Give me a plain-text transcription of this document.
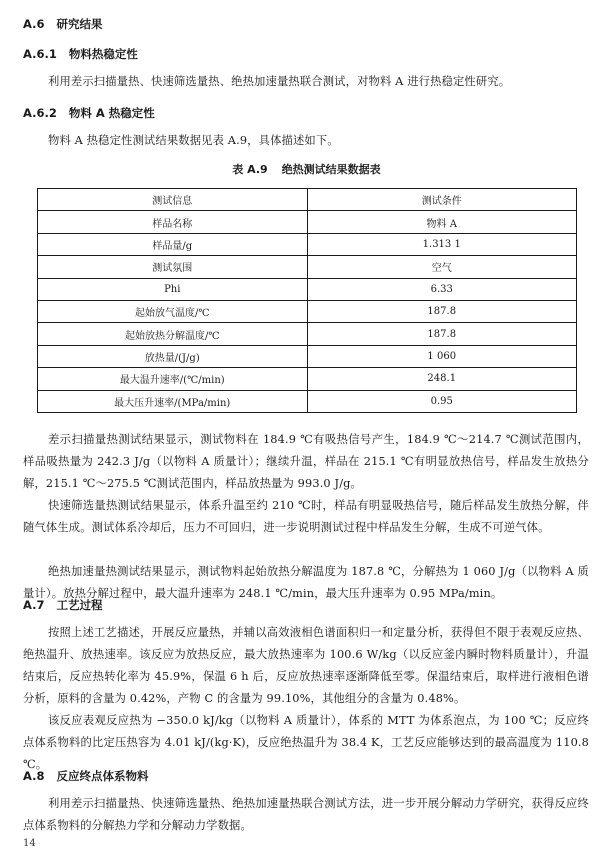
A.6 研究结果
A.6.1 物料热稳定性
利用差示扫描量热、快速筛选量热、绝热加速量热联合测试，对物料 A 进行热稳定性研究。
A.6.2 物料 A 热稳定性
物料 A 热稳定性测试结果数据见表 A.9，具体描述如下。
表 A.9 绝热测试结果数据表
测试信息	测试条件
样品名称	物料 A
样品量/g	1.313 1
测试氛围	空气
Phi	6.33
起始放气温度/℃	187.8
起始放热分解温度/℃	187.8
放热量/(J/g)	1 060
最大温升速率/(℃/min)	248.1
最大压升速率/(MPa/min)	0.95
差示扫描量热测试结果显示，测试物料在 184.9 ℃有吸热信号产生，184.9 ℃～214.7 ℃测试范围内，样品吸热量为 242.3 J/g（以物料 A 质量计）；继续升温，样品在 215.1 ℃有明显放热信号，样品发生放热分解，215.1 ℃～275.5 ℃测试范围内，样品放热量为 993.0 J/g。
快速筛选量热测试结果显示，体系升温至约 210 ℃时，样品有明显吸热信号，随后样品发生放热分解，伴随气体生成。测试体系冷却后，压力不可回归，进一步说明测试过程中样品发生分解，生成不可逆气体。
绝热加速量热测试结果显示，测试物料起始放热分解温度为 187.8 ℃，分解热为 1 060 J/g（以物料 A 质量计）。放热分解过程中，最大温升速率为 248.1 ℃/min，最大压升速率为 0.95 MPa/min。
A.7 工艺过程
按照上述工艺描述，开展反应量热，并辅以高效液相色谱面积归一和定量分析，获得但不限于表观反应热、绝热温升、放热速率。该反应为放热反应，最大放热速率为 100.6 W/kg（以反应釜内瞬时物料质量计），升温结束后，反应热转化率为 45.9%，保温 6 h 后，反应放热速率逐渐降低至零。保温结束后，取样进行液相色谱分析，原料的含量为 0.42%，产物 C 的含量为 99.10%，其他组分的含量为 0.48%。
该反应表观反应热为 −350.0 kJ/kg（以物料 A 质量计），体系的 MTT 为体系泡点，为 100 ℃；反应终点体系物料的比定压热容为 4.01 kJ/(kg·K)，反应绝热温升为 38.4 K，工艺反应能够达到的最高温度为 110.8 ℃。
A.8 反应终点体系物料
利用差示扫描量热、快速筛选量热、绝热加速量热联合测试方法，进一步开展分解动力学研究，获得反应终点体系物料的分解热力学和分解动力学数据。
14
